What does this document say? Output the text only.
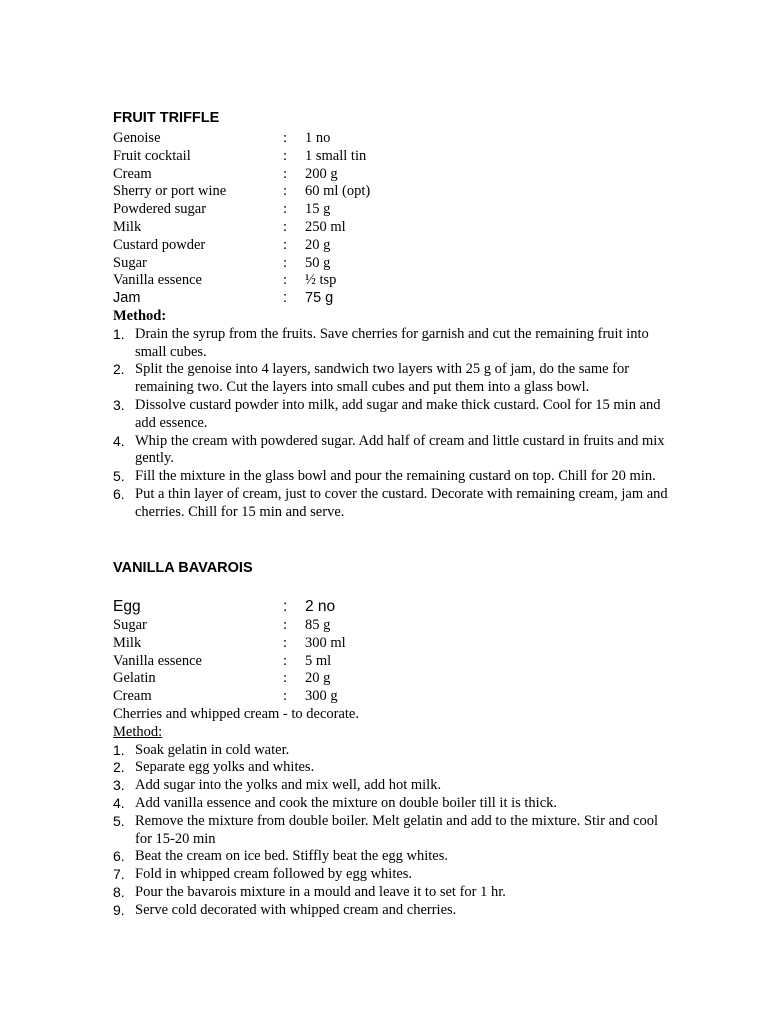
FRUIT TRIFFLE
Genoise	:	1 no
Fruit cocktail	:	1 small tin
Cream	:	200 g
Sherry or port wine	:	60 ml (opt)
Powdered sugar	:	15 g
Milk	:	250 ml
Custard powder	:	20 g
Sugar	:	50 g
Vanilla essence	:	½ tsp
Jam	:	75 g
Method:
1. Drain the syrup from the fruits. Save cherries for garnish and cut the remaining fruit into small cubes.
2. Split the genoise into 4 layers, sandwich two layers with 25 g of jam, do the same for remaining two. Cut the layers into small cubes and put them into a glass bowl.
3. Dissolve custard powder into milk, add sugar and make thick custard. Cool for 15 min and add essence.
4. Whip the cream with powdered sugar. Add half of cream and little custard in fruits and mix gently.
5. Fill the mixture in the glass bowl and pour the remaining custard on top. Chill for 20 min.
6. Put a thin layer of cream, just to cover the custard. Decorate with remaining cream, jam and cherries. Chill for 15 min and serve.
VANILLA BAVAROIS
Egg	:	2 no
Sugar	:	85 g
Milk	:	300 ml
Vanilla essence	:	5 ml
Gelatin	:	20 g
Cream	:	300 g
Cherries and whipped cream - to decorate.
Method:
1. Soak gelatin in cold water.
2. Separate egg yolks and whites.
3. Add sugar into the yolks and mix well, add hot milk.
4. Add vanilla essence and cook the mixture on double boiler till it is thick.
5. Remove the mixture from double boiler. Melt gelatin and add to the mixture. Stir and cool for 15-20 min
6. Beat the cream on ice bed. Stiffly beat the egg whites.
7. Fold in whipped cream followed by egg whites.
8. Pour the bavarois mixture in a mould and leave it to set for 1 hr.
9. Serve cold decorated with whipped cream and cherries.
